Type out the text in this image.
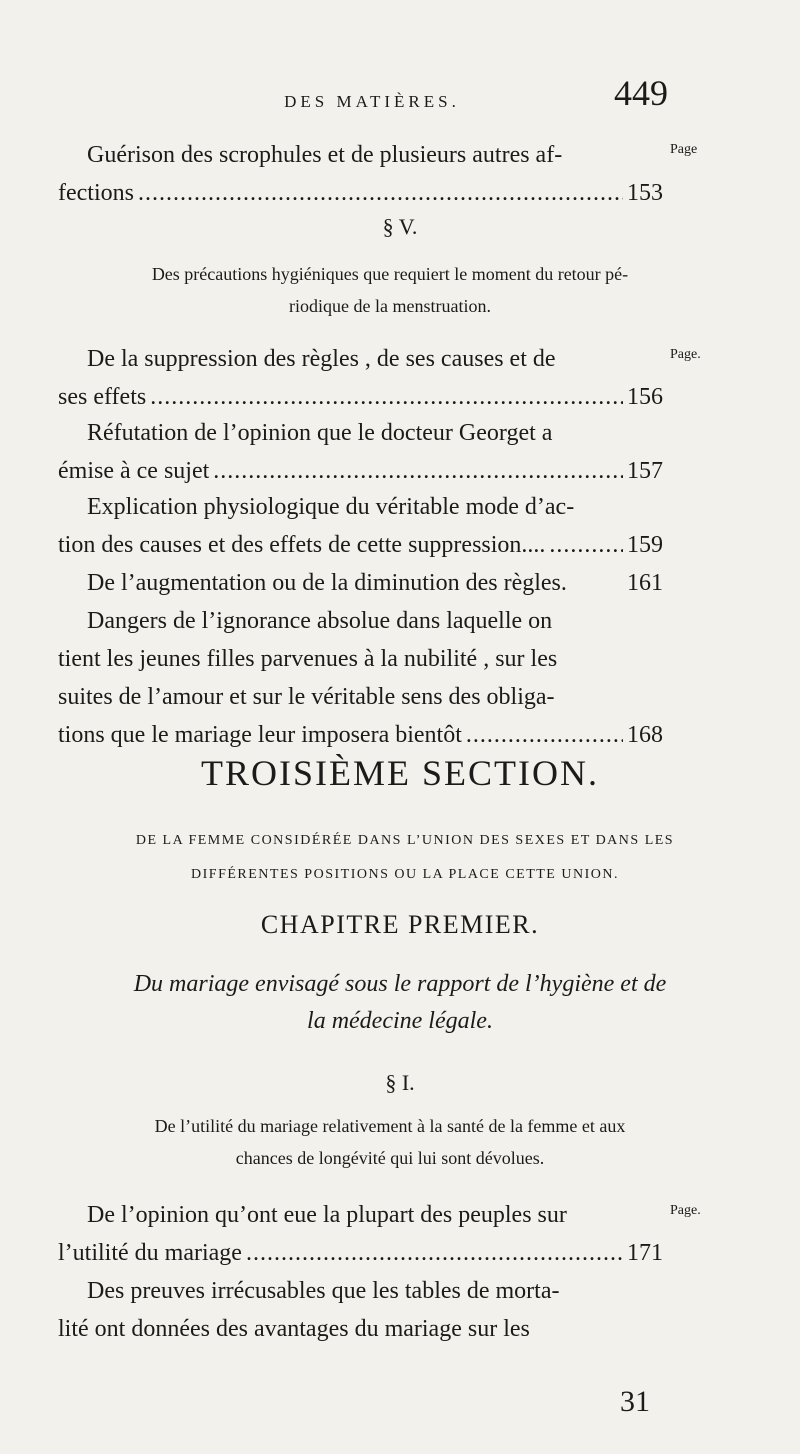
DES MATIÈRES.	449
Guérison des scrophules et de plusieurs autres af-
fections .....	153
Page
§ V.
Des précautions hygiéniques que requiert le moment du retour pé-
riodique de la menstruation.
De la suppression des règles , de ses causes et de
ses effets .....	156
Page.
Réfutation de l’opinion que le docteur Georget a
émise à ce sujet .....	157
Explication physiologique du véritable mode d’ac-
tion des causes et des effets de cette suppression.... .....	159
De l’augmentation ou de la diminution des règles.	161
Dangers de l’ignorance absolue dans laquelle on
tient les jeunes filles parvenues à la nubilité , sur les
suites de l’amour et sur le véritable sens des obliga-
tions que le mariage leur imposera bientôt .....	168
TROISIÈME SECTION.
DE LA FEMME CONSIDÉRÉE DANS L’UNION DES SEXES ET DANS LES
DIFFÉRENTES POSITIONS OU LA PLACE CETTE UNION.
CHAPITRE PREMIER.
Du mariage envisagé sous le rapport de l’hygiène et de
la médecine légale.
§ I.
De l’utilité du mariage relativement à la santé de la femme et aux
chances de longévité qui lui sont dévolues.
De l’opinion qu’ont eue la plupart des peuples sur
l’utilité du mariage .....	171
Page.
Des preuves irrécusables que les tables de morta-
lité ont données des avantages du mariage sur les
31
